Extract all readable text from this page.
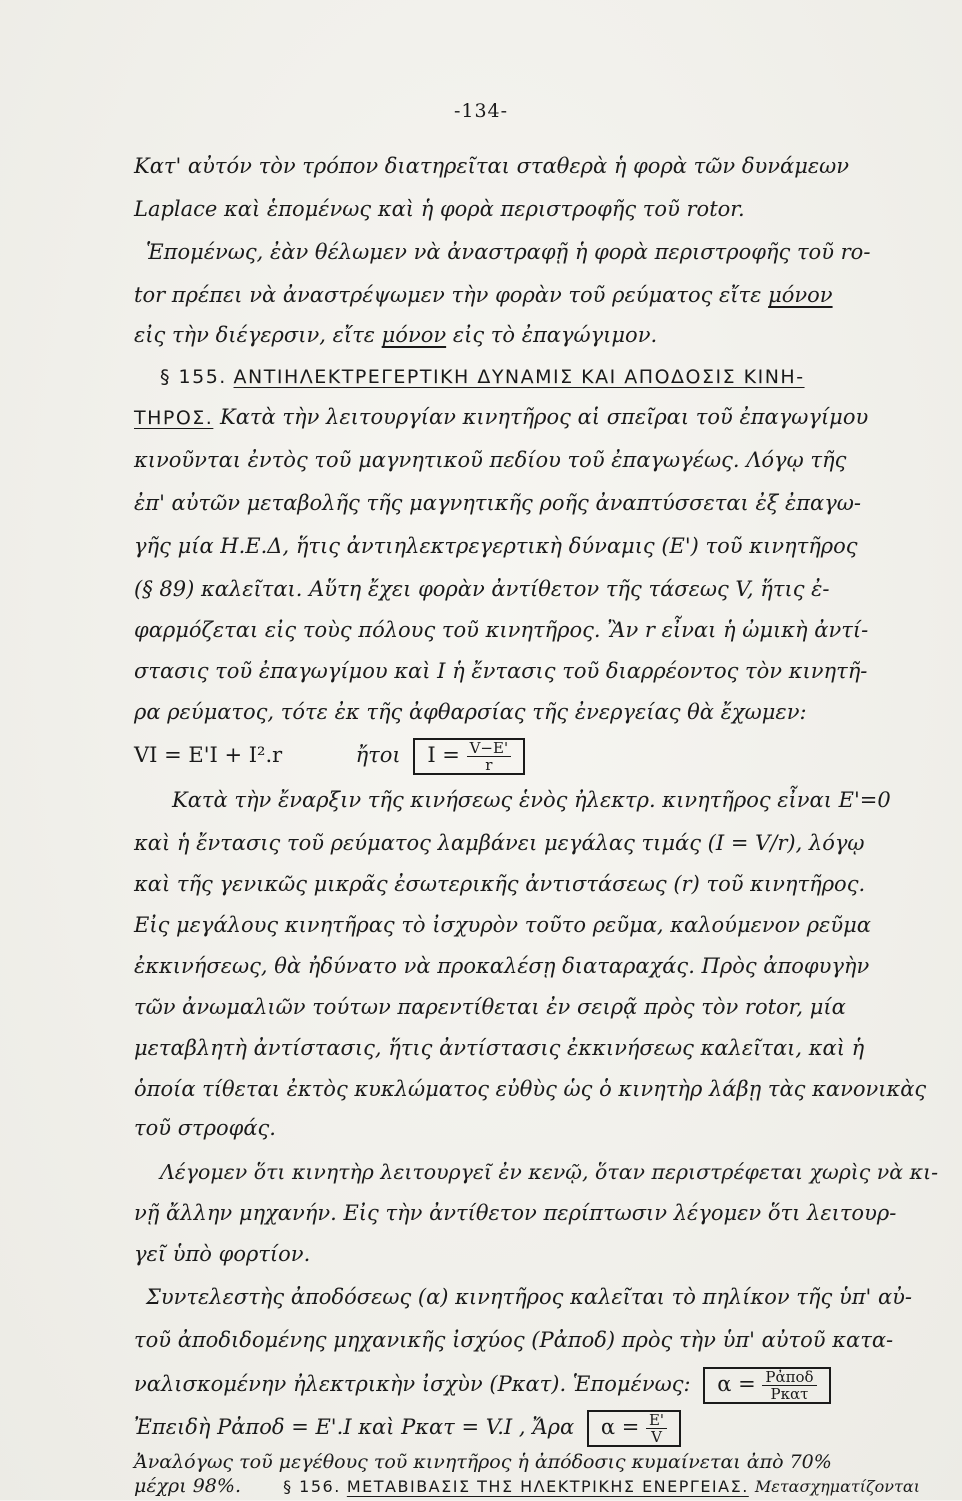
-134-
Κατ' αὐτόν τὸν τρόπον διατηρεῖται σταθερὰ ἡ φορὰ τῶν δυνάμεων
Laplace καὶ ἑπομένως καὶ ἡ φορὰ περιστροφῆς τοῦ rotor.
Ἑπομένως, ἐὰν θέλωμεν νὰ ἀναστραφῇ ἡ φορὰ περιστροφῆς τοῦ ro-
tor πρέπει νὰ ἀναστρέψωμεν τὴν φορὰν τοῦ ρεύματος εἴτε μόνον
εἰς τὴν διέγερσιν, εἴτε μόνον εἰς τὸ ἐπαγώγιμον.
§ 155. ΑΝΤΙΗΛΕΚΤΡΕΓΕΡΤΙΚΗ ΔΥΝΑΜΙΣ ΚΑΙ ΑΠΟΔΟΣΙΣ ΚΙΝΗ-
ΤΗΡΟΣ. Κατὰ τὴν λειτουργίαν κινητῆρος αἱ σπεῖραι τοῦ ἐπαγωγίμου
κινοῦνται ἐντὸς τοῦ μαγνητικοῦ πεδίου τοῦ ἐπαγωγέως. Λόγῳ τῆς
ἐπ' αὐτῶν μεταβολῆς τῆς μαγνητικῆς ροῆς ἀναπτύσσεται ἐξ ἐπαγω-
γῆς μία Η.Ε.Δ, ἥτις ἀντιηλεκτρεγερτικὴ δύναμις (Ε') τοῦ κινητῆρος
(§ 89) καλεῖται. Αὕτη ἔχει φορὰν ἀντίθετον τῆς τάσεως V, ἥτις ἐ-
φαρμόζεται εἰς τοὺς πόλους τοῦ κινητῆρος. Ἂν r εἶναι ἡ ὠμικὴ ἀντί-
στασις τοῦ ἐπαγωγίμου καὶ I ἡ ἔντασις τοῦ διαρρέοντος τὸν κινητῆ-
ρα ρεύματος, τότε ἐκ τῆς ἀφθαρσίας τῆς ἐνεργείας θὰ ἔχωμεν:
VI = E'I + I².r	ἤτοι $I = \frac{V-E'}{r}$
Κατὰ τὴν ἔναρξιν τῆς κινήσεως ἑνὸς ἠλεκτρ. κινητῆρος εἶναι E'=0
καὶ ἡ ἔντασις τοῦ ρεύματος λαμβάνει μεγάλας τιμάς (I = V/r), λόγῳ
καὶ τῆς γενικῶς μικρᾶς ἐσωτερικῆς ἀντιστάσεως (r) τοῦ κινητῆρος.
Εἰς μεγάλους κινητῆρας τὸ ἰσχυρὸν τοῦτο ρεῦμα, καλούμενον ρεῦμα
ἐκκινήσεως, θὰ ἠδύνατο νὰ προκαλέσῃ διαταραχάς. Πρὸς ἀποφυγὴν
τῶν ἀνωμαλιῶν τούτων παρεντίθεται ἐν σειρᾷ πρὸς τὸν rotor, μία
μεταβλητὴ ἀντίστασις, ἥτις ἀντίστασις ἐκκινήσεως καλεῖται, καὶ ἡ
ὁποία τίθεται ἐκτὸς κυκλώματος εὐθὺς ὡς ὁ κινητὴρ λάβῃ τὰς κανονικὰς
τοῦ στροφάς.
Λέγομεν ὅτι κινητὴρ λειτουργεῖ ἐν κενῷ, ὅταν περιστρέφεται χωρὶς νὰ κι-
νῇ ἄλλην μηχανήν. Εἰς τὴν ἀντίθετον περίπτωσιν λέγομεν ὅτι λειτουρ-
γεῖ ὑπὸ φορτίον.
Συντελεστὴς ἀποδόσεως (α) κινητῆρος καλεῖται τὸ πηλίκον τῆς ὑπ' αὐ-
τοῦ ἀποδιδομένης μηχανικῆς ἰσχύος (Pἀποδ) πρὸς τὴν ὑπ' αὐτοῦ κατα-
ναλισκομένην ἠλεκτρικὴν ἰσχὺν (Pκατ). Ἑπομένως: $\alpha = \frac{\text{Pἀποδ}}{\text{Pκατ}}$
Ἐπειδὴ Pἀποδ = E'.I καὶ Pκατ = V.I , Ἄρα $\alpha = \frac{E'}{V}$
Ἀναλόγως τοῦ μεγέθους τοῦ κινητῆρος ἡ ἀπόδοσις κυμαίνεται ἀπὸ 70%
μέχρι 98%.	§ 156. ΜΕΤΑΒΙΒΑΣΙΣ ΤΗΣ ΗΛΕΚΤΡΙΚΗΣ ΕΝΕΡΓΕΙΑΣ. Μετασχηματίζονται
